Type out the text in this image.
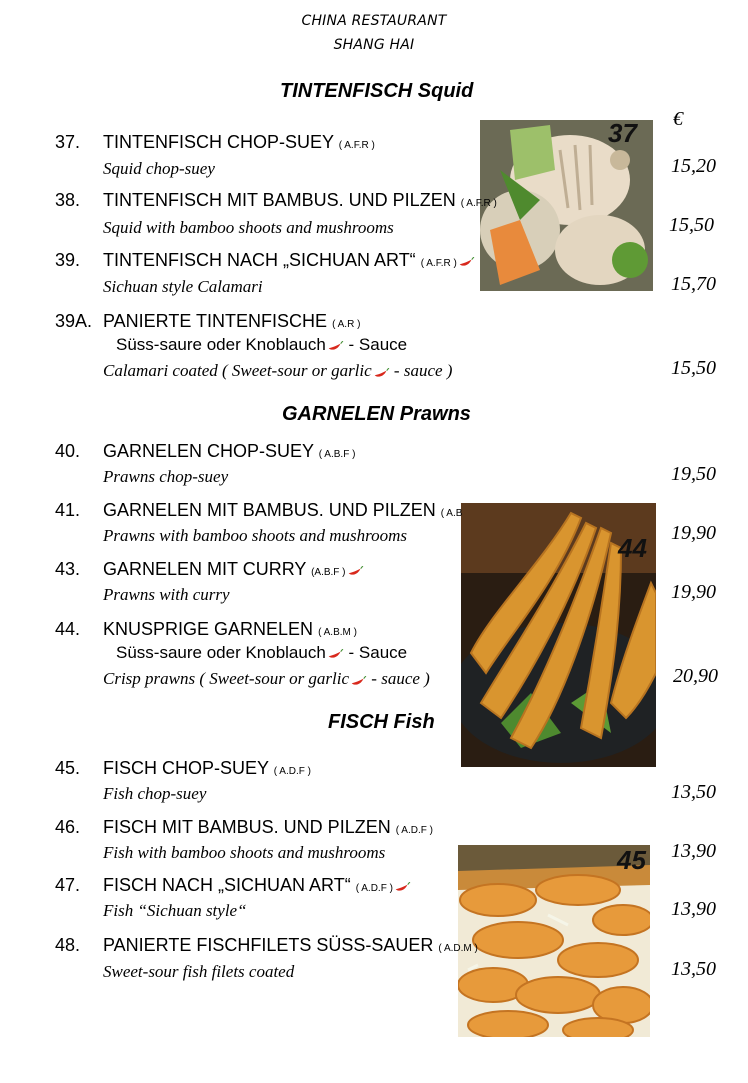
CHINA RESTAURANT
SHANG HAI
TINTENFISCH Squid
€
37
37. TINTENFISCH CHOP-SUEY ( A.F.R )
Squid chop-suey	15,20
38. TINTENFISCH MIT BAMBUS. UND PILZEN ( A.F.R )
Squid with bamboo shoots and mushrooms	15,50
39. TINTENFISCH NACH „SICHUAN ART“ ( A.F.R )
Sichuan style Calamari	15,70
39A. PANIERTE TINTENFISCHE ( A.R )
Süss-saure oder Knoblauch - Sauce
Calamari coated ( Sweet-sour or garlic - sauce )	15,50
GARNELEN Prawns
44
40. GARNELEN CHOP-SUEY ( A.B.F )
Prawns chop-suey	19,50
41. GARNELEN MIT BAMBUS. UND PILZEN ( A.B
Prawns with bamboo shoots and mushrooms	19,90
43. GARNELEN MIT CURRY (A.B.F )
Prawns with curry	19,90
44. KNUSPRIGE GARNELEN ( A.B.M )
Süss-saure oder Knoblauch - Sauce
Crisp prawns ( Sweet-sour or garlic - sauce )	20,90
FISCH Fish
45
45. FISCH CHOP-SUEY ( A.D.F )
Fish chop-suey	13,50
46. FISCH MIT BAMBUS. UND PILZEN ( A.D.F )
Fish with bamboo shoots and mushrooms	13,90
47. FISCH NACH „SICHUAN ART“ ( A.D.F )
Fish “Sichuan style“	13,90
48. PANIERTE FISCHFILETS SÜSS-SAUER ( A.D.M )
Sweet-sour fish filets coated	13,50
